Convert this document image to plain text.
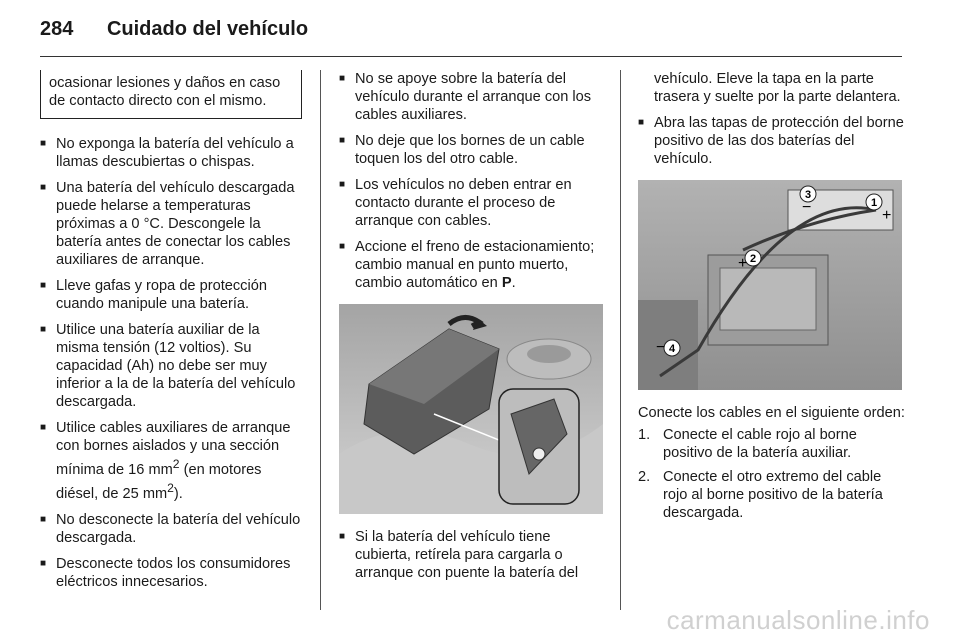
284 Cuidado del vehículo

ocasionar lesiones y daños en caso de contacto directo con el mismo.

■ No exponga la batería del vehículo a llamas descubiertas o chispas.
■ Una batería del vehículo descargada puede helarse a temperaturas próximas a 0 °C. Descongele la batería antes de conectar los cables auxiliares de arranque.
■ Lleve gafas y ropa de protección cuando manipule una batería.
■ Utilice una batería auxiliar de la misma tensión (12 voltios). Su capacidad (Ah) no debe ser muy inferior a la de la batería del vehículo descargada.
■ Utilice cables auxiliares de arranque con bornes aislados y una sección mínima de 16 $mm^2$ (en motores diésel, de 25 $mm^2$).
■ No desconecte la batería del vehículo descargada.
■ Desconecte todos los consumidores eléctricos innecesarios.
■ No se apoye sobre la batería del vehículo durante el arranque con los cables auxiliares.
■ No deje que los bornes de un cable toquen los del otro cable.
■ Los vehículos no deben entrar en contacto durante el proceso de arranque con cables.
■ Accione el freno de estacionamiento; cambio manual en punto muerto, cambio automático en P.
■ Si la batería del vehículo tiene cubierta, retírela para cargarla o arranque con puente la batería del

vehículo. Eleve la tapa en la parte trasera y suelte por la parte delantera.

■ Abra las tapas de protección del borne positivo de las dos baterías del vehículo.
1
2
3
4
+
+
−
−

Conecte los cables en el siguiente orden:

1. Conecte el cable rojo al borne positivo de la batería auxiliar.
2. Conecte el otro extremo del cable rojo al borne positivo de la batería descargada.
carmanualsonline.info
